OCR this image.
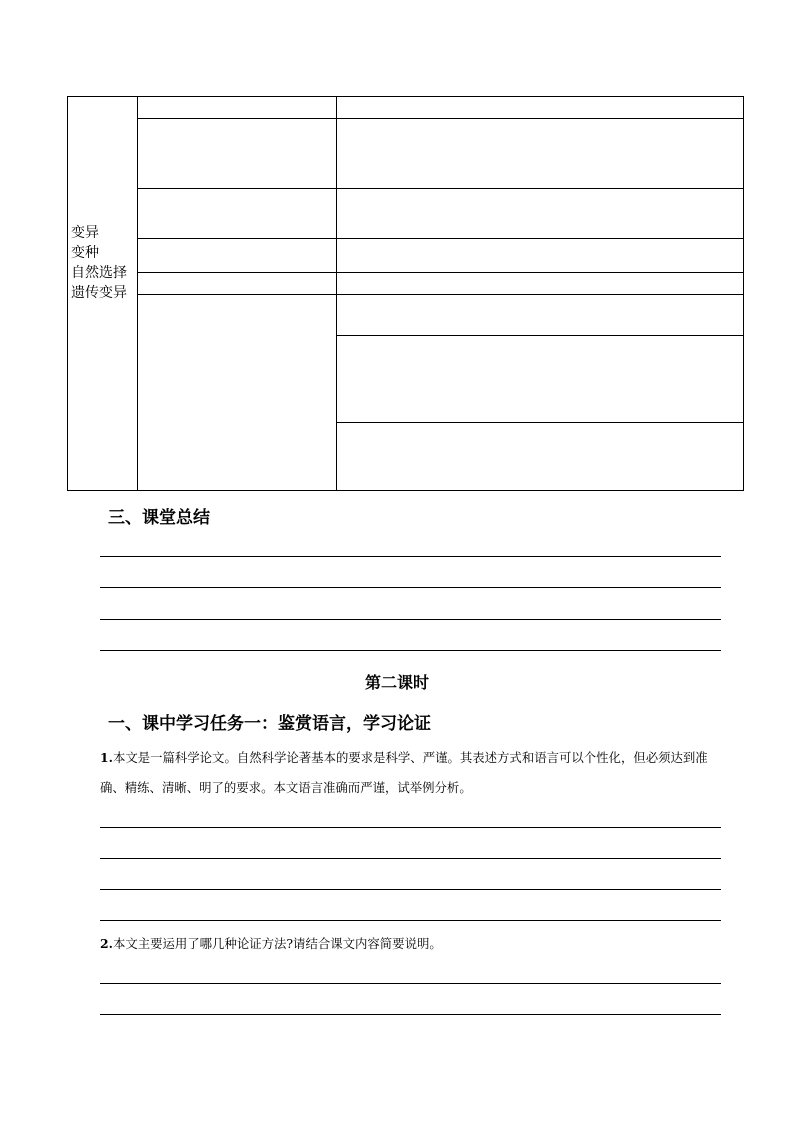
变异
变种
自然选择
遗传变异
三、课堂总结
第二课时
一、课中学习任务一：鉴赏语言，学习论证
1.本文是一篇科学论文。自然科学论著基本的要求是科学、严谨。其表述方式和语言可以个性化，但必须达到准确、精练、清晰、明了的要求。本文语言准确而严谨，试举例分析。
2.本文主要运用了哪几种论证方法?请结合课文内容简要说明。
